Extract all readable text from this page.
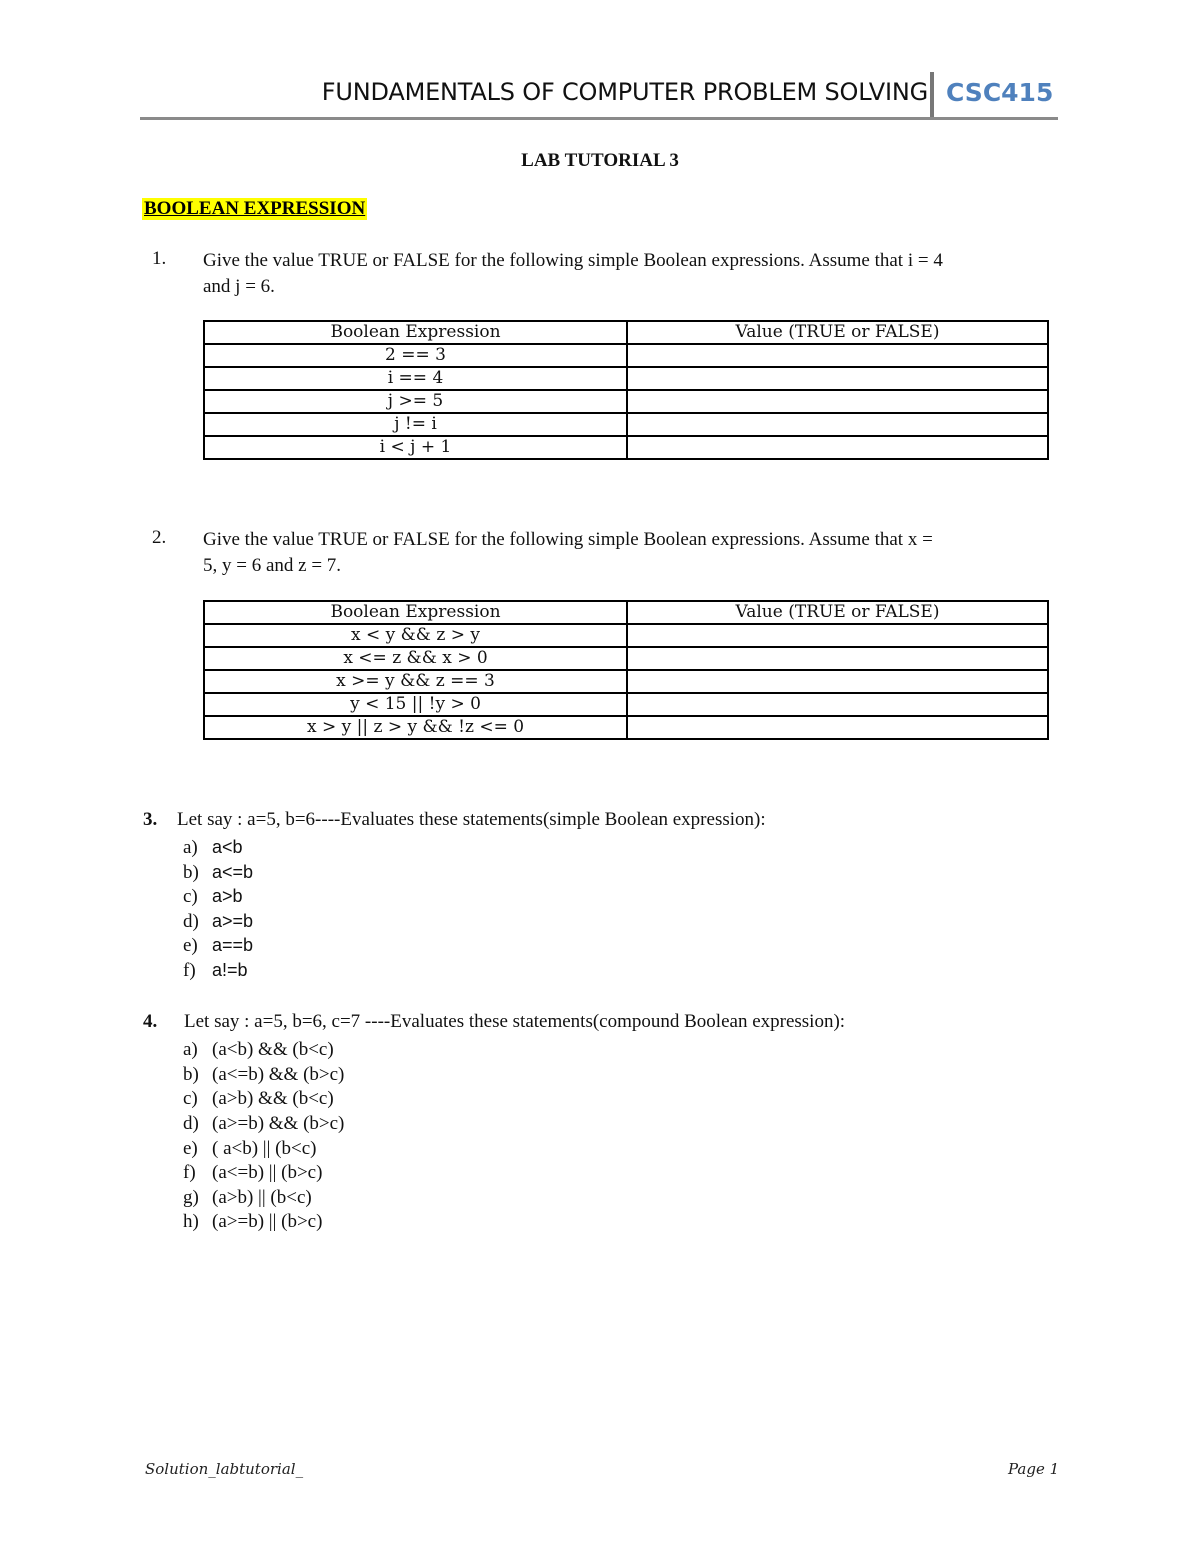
FUNDAMENTALS OF COMPUTER PROBLEM SOLVING CSC415
LAB TUTORIAL 3
BOOLEAN EXPRESSION
1. Give the value TRUE or FALSE for the following simple Boolean expressions. Assume that i = 4
and j = 6.
Boolean Expression	Value (TRUE or FALSE)
2 == 3	
i == 4	
j >= 5	
j != i	
i < j + 1	
2. Give the value TRUE or FALSE for the following simple Boolean expressions. Assume that x =
5, y = 6 and z = 7.
Boolean Expression	Value (TRUE or FALSE)
x < y && z > y	
x <= z && x > 0	
x >= y && z == 3	
y < 15 || !y > 0	
x > y || z > y && !z <= 0	
3. Let say : a=5, b=6----Evaluates these statements(simple Boolean expression):
a) a<b
b) a<=b
c) a>b
d) a>=b
e) a==b
f) a!=b
4. Let say : a=5, b=6, c=7 ----Evaluates these statements(compound Boolean expression):
a) (a<b) && (b<c)
b) (a<=b) && (b>c)
c) (a>b) && (b<c)
d) (a>=b) && (b>c)
e) ( a<b) || (b<c)
f) (a<=b) || (b>c)
g) (a>b) || (b<c)
h) (a>=b) || (b>c)
Solution_labtutorial_	Page 1
